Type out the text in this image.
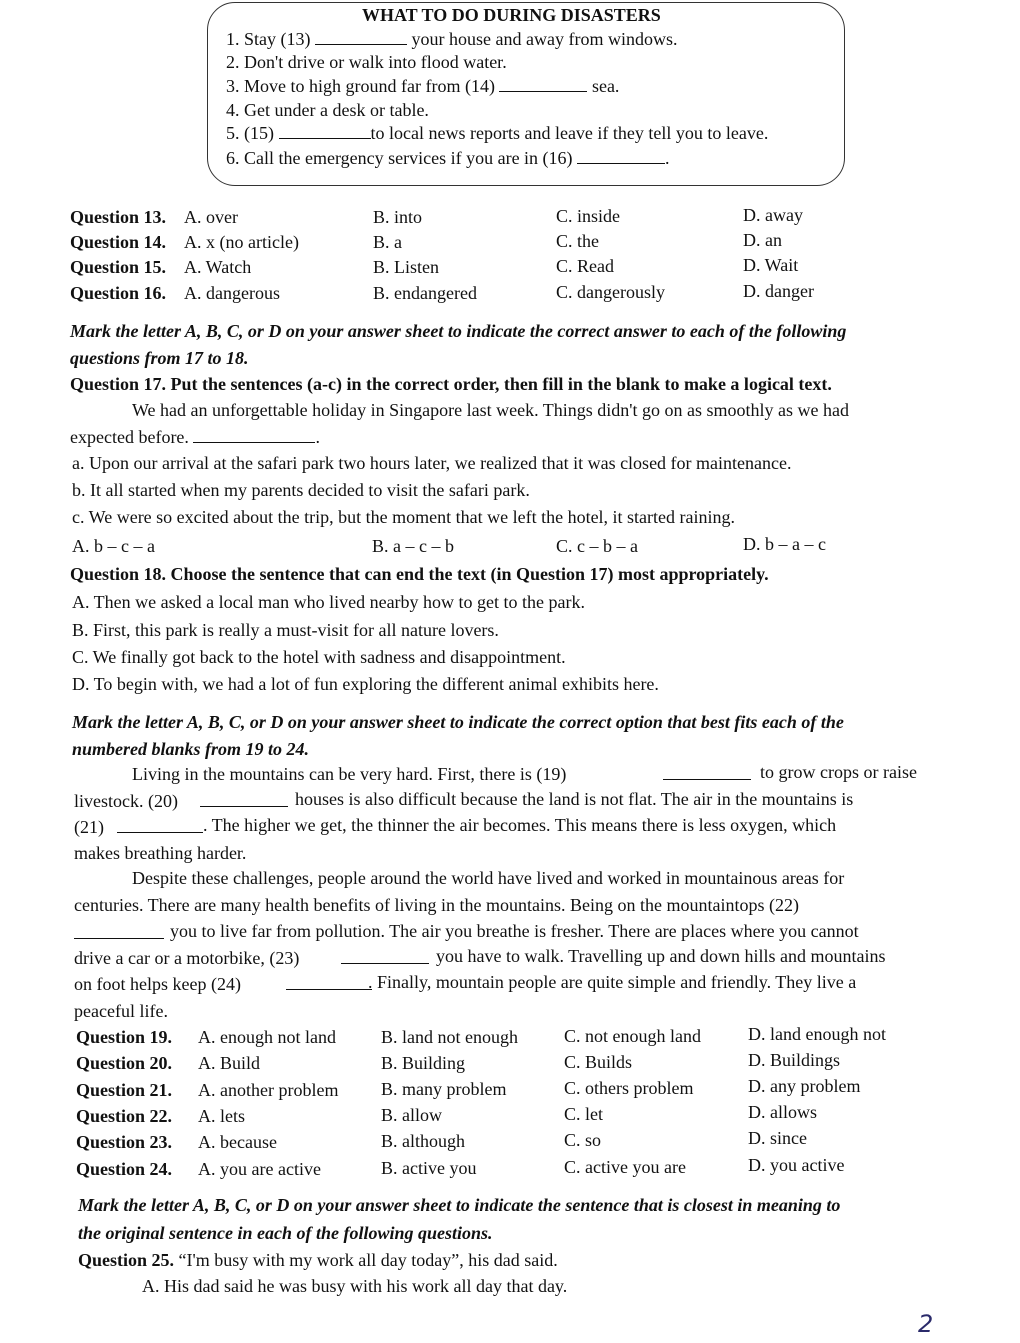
WHAT TO DO DURING DISASTERS
1. Stay (13)	your house and away from windows.
2. Don't drive or walk into flood water.
3. Move to high ground far from (14)	sea.
4. Get under a desk or table.
5. (15)	to local news reports and leave if they tell you to leave.
6. Call the emergency services if you are in (16)	.
Question 13. A. over	B. into	C. inside	D. away
Question 14. A. x (no article)	B. a	C. the	D. an
Question 15. A. Watch	B. Listen	C. Read	D. Wait
Question 16. A. dangerous	B. endangered	C. dangerously	D. danger
Mark the letter A, B, C, or D on your answer sheet to indicate the correct answer to each of the following
questions from 17 to 18.
Question 17. Put the sentences (a-c) in the correct order, then fill in the blank to make a logical text.
We had an unforgettable holiday in Singapore last week. Things didn't go on as smoothly as we had
expected before.	.
a. Upon our arrival at the safari park two hours later, we realized that it was closed for maintenance.
b. It all started when my parents decided to visit the safari park.
c. We were so excited about the trip, but the moment that we left the hotel, it started raining.
A. b – c – a	B. a – c – b	C. c – b – a	D. b – a – c
Question 18. Choose the sentence that can end the text (in Question 17) most appropriately.
A. Then we asked a local man who lived nearby how to get to the park.
B. First, this park is really a must-visit for all nature lovers.
C. We finally got back to the hotel with sadness and disappointment.
D. To begin with, we had a lot of fun exploring the different animal exhibits here.
Mark the letter A, B, C, or D on your answer sheet to indicate the correct option that best fits each of the
numbered blanks from 19 to 24.
Living in the mountains can be very hard. First, there is (19)	to grow crops or raise
livestock. (20)	houses is also difficult because the land is not flat. The air in the mountains is
(21)	. The higher we get, the thinner the air becomes. This means there is less oxygen, which
makes breathing harder.
Despite these challenges, people around the world have lived and worked in mountainous areas for
centuries. There are many health benefits of living in the mountains. Being on the mountaintops (22)
you to live far from pollution. The air you breathe is fresher. There are places where you cannot
drive a car or a motorbike, (23)	you have to walk. Travelling up and down hills and mountains
on foot helps keep (24)	. Finally, mountain people are quite simple and friendly. They live a
peaceful life.
Question 19. A. enough not land	B. land not enough	C. not enough land	D. land enough not
Question 20. A. Build	B. Building	C. Builds	D. Buildings
Question 21. A. another problem B. many problem	C. others problem	D. any problem
Question 22. A. lets	B. allow	C. let	D. allows
Question 23. A. because	B. although	C. so	D. since
Question 24. A. you are active	B. active you	C. active you are	D. you active
Mark the letter A, B, C, or D on your answer sheet to indicate the sentence that is closest in meaning to
the original sentence in each of the following questions.
Question 25. “I'm busy with my work all day today”, his dad said.
A. His dad said he was busy with his work all day that day.
2
